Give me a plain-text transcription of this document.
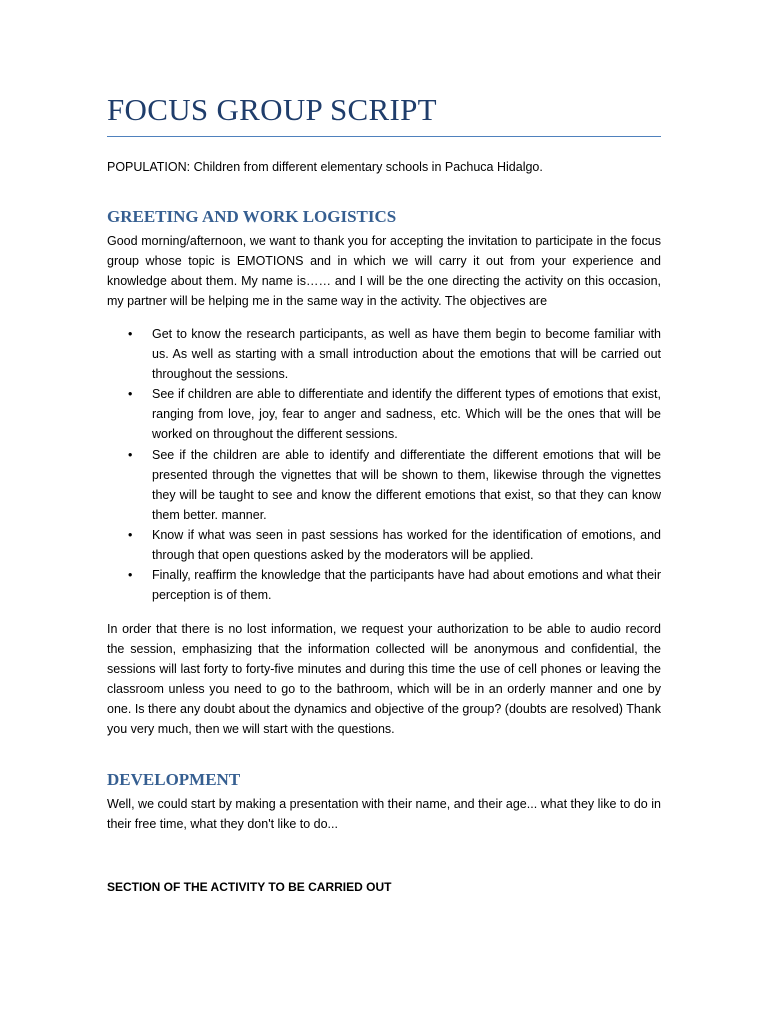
FOCUS GROUP SCRIPT
POPULATION: Children from different elementary schools in Pachuca Hidalgo.
GREETING AND WORK LOGISTICS

Good morning/afternoon, we want to thank you for accepting the invitation to participate in the focus group whose topic is EMOTIONS and in which we will carry it out from your experience and knowledge about them. My name is…… and I will be the one directing the activity on this occasion, my partner will be helping me in the same way in the activity. The objectives are

• Get to know the research participants, as well as have them begin to become familiar with us. As well as starting with a small introduction about the emotions that will be carried out throughout the sessions.
• See if children are able to differentiate and identify the different types of emotions that exist, ranging from love, joy, fear to anger and sadness, etc. Which will be the ones that will be worked on throughout the different sessions.
• See if the children are able to identify and differentiate the different emotions that will be presented through the vignettes that will be shown to them, likewise through the vignettes they will be taught to see and know the different emotions that exist, so that they can know them better. manner.
• Know if what was seen in past sessions has worked for the identification of emotions, and through that open questions asked by the moderators will be applied.
• Finally, reaffirm the knowledge that the participants have had about emotions and what their perception is of them.

In order that there is no lost information, we request your authorization to be able to audio record the session, emphasizing that the information collected will be anonymous and confidential, the sessions will last forty to forty-five minutes and during this time the use of cell phones or leaving the classroom unless you need to go to the bathroom, which will be in an orderly manner and one by one. Is there any doubt about the dynamics and objective of the group? (doubts are resolved) Thank you very much, then we will start with the questions.

DEVELOPMENT

Well, we could start by making a presentation with their name, and their age... what they like to do in their free time, what they don't like to do...

SECTION OF THE ACTIVITY TO BE CARRIED OUT
